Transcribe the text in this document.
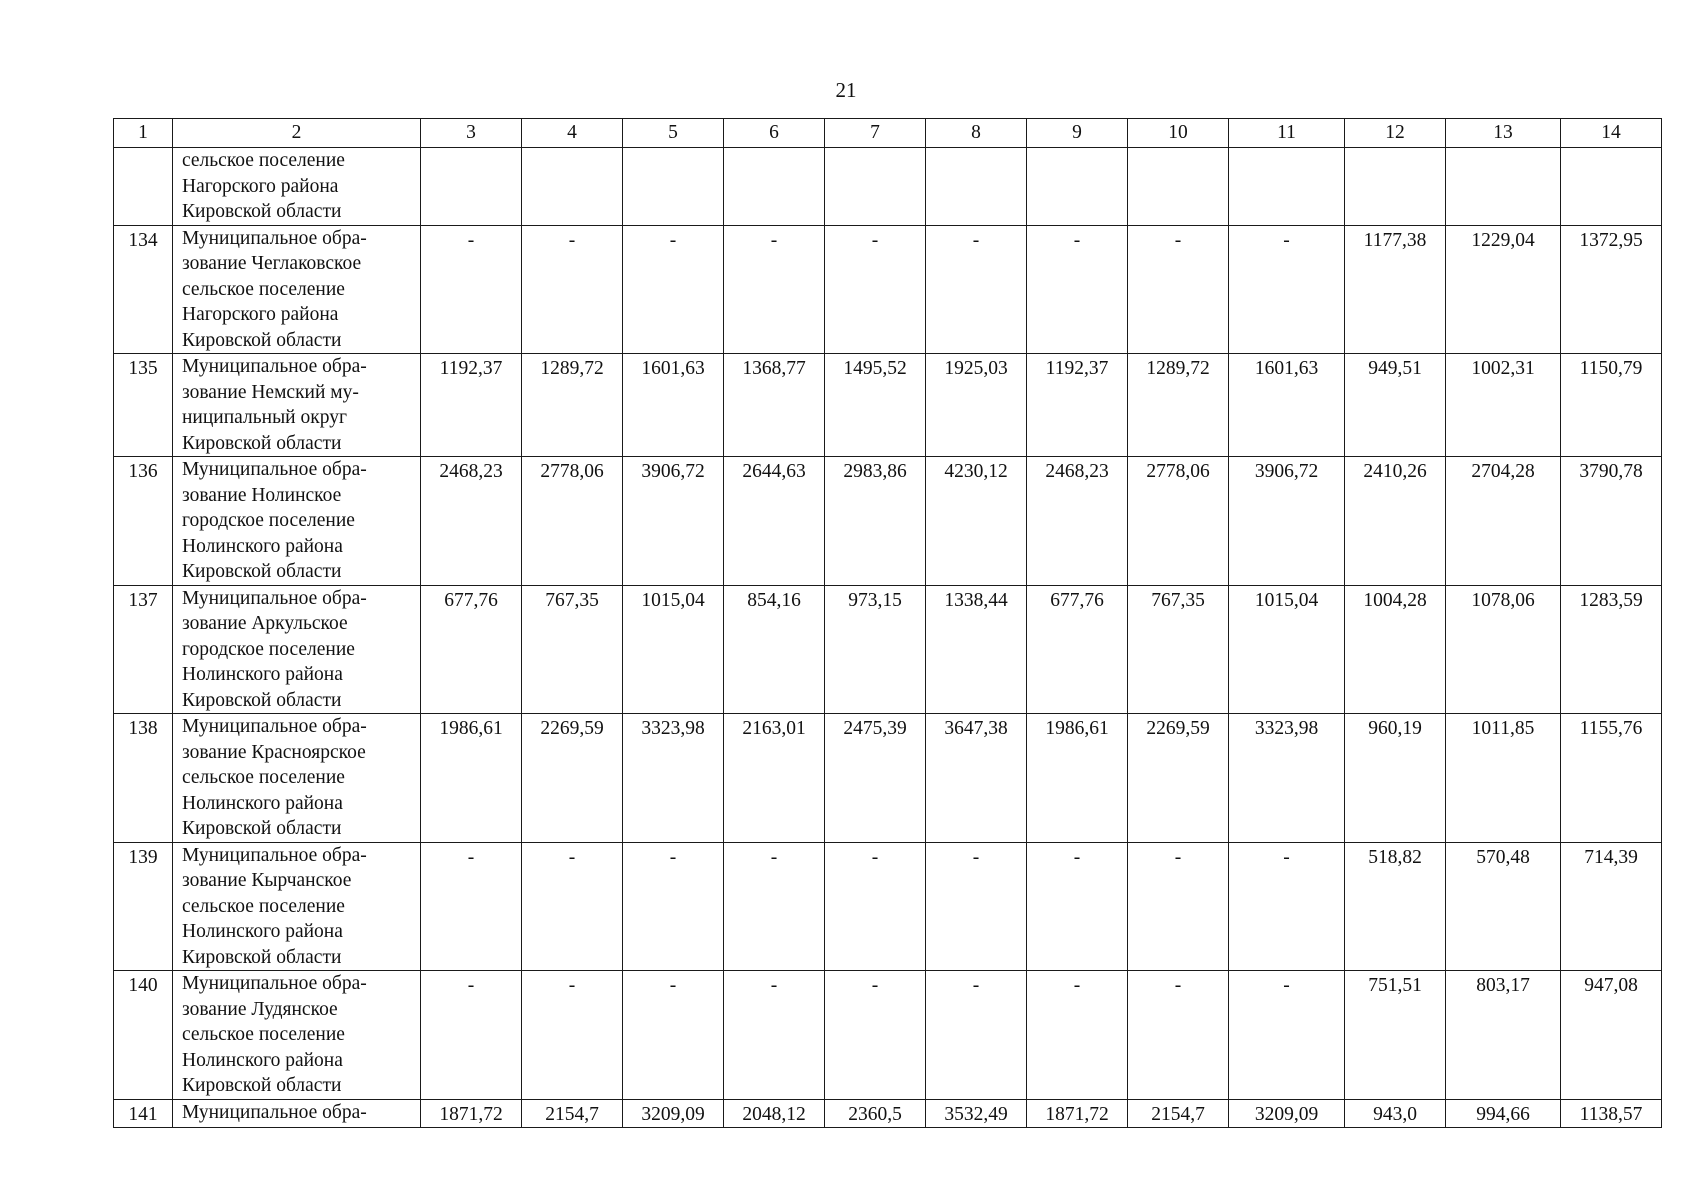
21
1	2	3	4	5	6	7	8	9	10	11	12	13	14

	сельское поселение
Нагорского района
Кировской области												

134	Муниципальное обра-
зование Чеглаковское
сельское поселение
Нагорского района
Кировской области	-	-	-	-	-	-	-	-	-	1177,38	1229,04	1372,95
135	Муниципальное обра-
зование Немский му-
ниципальный округ
Кировской области	1192,37	1289,72	1601,63	1368,77	1495,52	1925,03	1192,37	1289,72	1601,63	949,51	1002,31	1150,79
136	Муниципальное обра-
зование Нолинское
городское поселение
Нолинского района
Кировской области	2468,23	2778,06	3906,72	2644,63	2983,86	4230,12	2468,23	2778,06	3906,72	2410,26	2704,28	3790,78
137	Муниципальное обра-
зование Аркульское
городское поселение
Нолинского района
Кировской области	677,76	767,35	1015,04	854,16	973,15	1338,44	677,76	767,35	1015,04	1004,28	1078,06	1283,59
138	Муниципальное обра-
зование Красноярское
сельское поселение
Нолинского района
Кировской области	1986,61	2269,59	3323,98	2163,01	2475,39	3647,38	1986,61	2269,59	3323,98	960,19	1011,85	1155,76
139	Муниципальное обра-
зование Кырчанское
сельское поселение
Нолинского района
Кировской области	-	-	-	-	-	-	-	-	-	518,82	570,48	714,39
140	Муниципальное обра-
зование Лудянское
сельское поселение
Нолинского района
Кировской области	-	-	-	-	-	-	-	-	-	751,51	803,17	947,08
141	Муниципальное обра-	1871,72	2154,7	3209,09	2048,12	2360,5	3532,49	1871,72	2154,7	3209,09	943,0	994,66	1138,57
